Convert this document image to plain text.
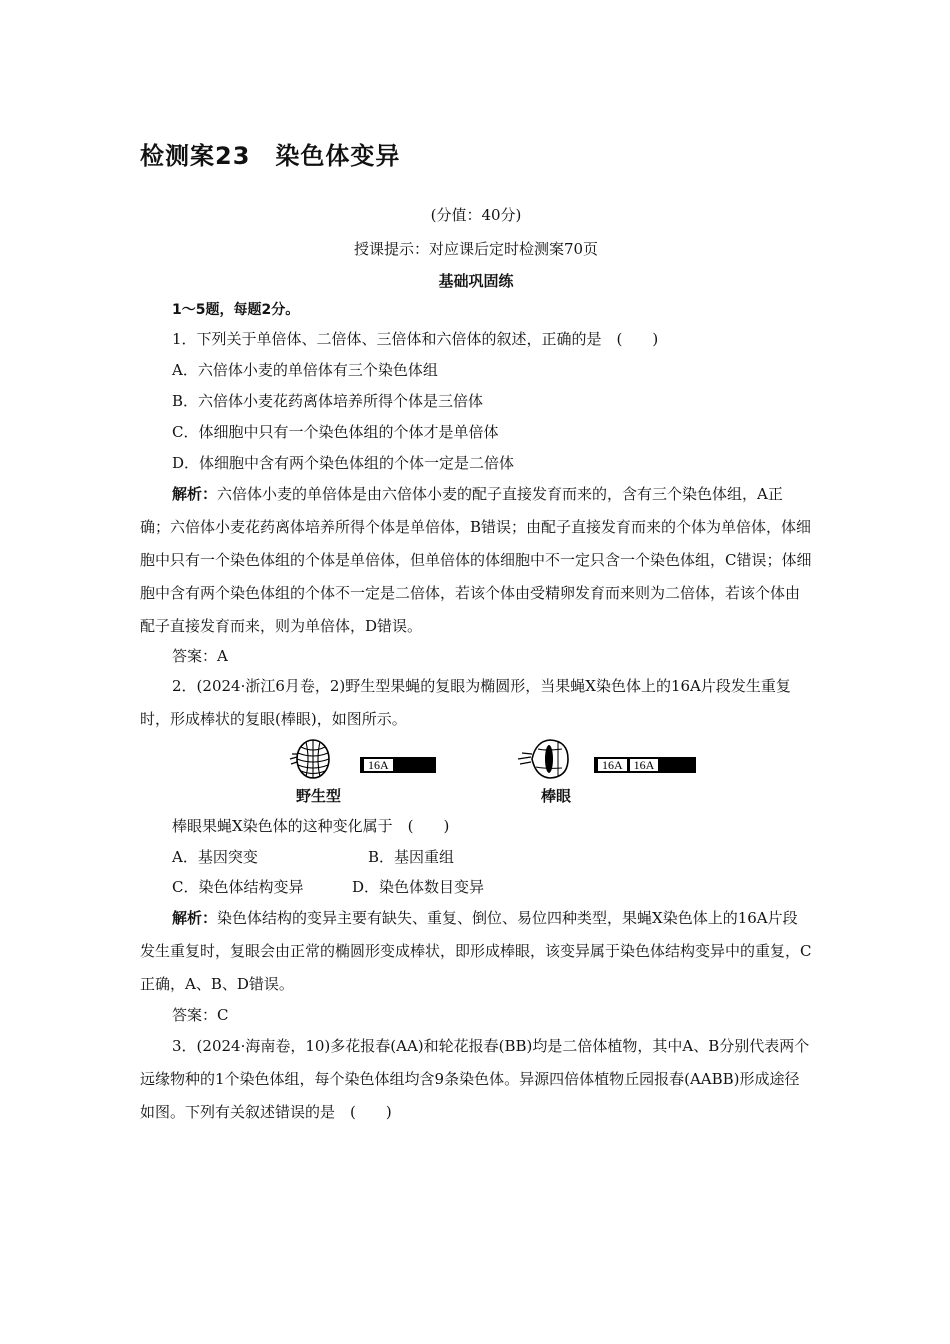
检测案23　染色体变异
(分值：40分)
授课提示：对应课后定时检测案70页
基础巩固练
1～5题，每题2分。
1．下列关于单倍体、二倍体、三倍体和六倍体的叙述，正确的是　(　　)
A．六倍体小麦的单倍体有三个染色体组
B．六倍体小麦花药离体培养所得个体是三倍体
C．体细胞中只有一个染色体组的个体才是单倍体
D．体细胞中含有两个染色体组的个体一定是二倍体
解析：六倍体小麦的单倍体是由六倍体小麦的配子直接发育而来的，含有三个染色体组，A正确；六倍体小麦花药离体培养所得个体是单倍体，B错误；由配子直接发育而来的个体为单倍体，体细胞中只有一个染色体组的个体是单倍体，但单倍体的体细胞中不一定只含一个染色体组，C错误；体细胞中含有两个染色体组的个体不一定是二倍体，若该个体由受精卵发育而来则为二倍体，若该个体由配子直接发育而来，则为单倍体，D错误。
答案：A
2．(2024·浙江6月卷，2)野生型果蝇的复眼为椭圆形，当果蝇X染色体上的16A片段发生重复时，形成棒状的复眼(棒眼)，如图所示。
16A
野生型
16A 16A
棒眼
棒眼果蝇X染色体的这种变化属于　(　　)
A．基因突变	B．基因重组
C．染色体结构变异	D．染色体数目变异
解析：染色体结构的变异主要有缺失、重复、倒位、易位四种类型，果蝇X染色体上的16A片段发生重复时，复眼会由正常的椭圆形变成棒状，即形成棒眼，该变异属于染色体结构变异中的重复，C正确，A、B、D错误。
答案：C
3．(2024·海南卷，10)多花报春(AA)和轮花报春(BB)均是二倍体植物，其中A、B分别代表两个远缘物种的1个染色体组，每个染色体组均含9条染色体。异源四倍体植物丘园报春(AABB)形成途径如图。下列有关叙述错误的是　(　　)
